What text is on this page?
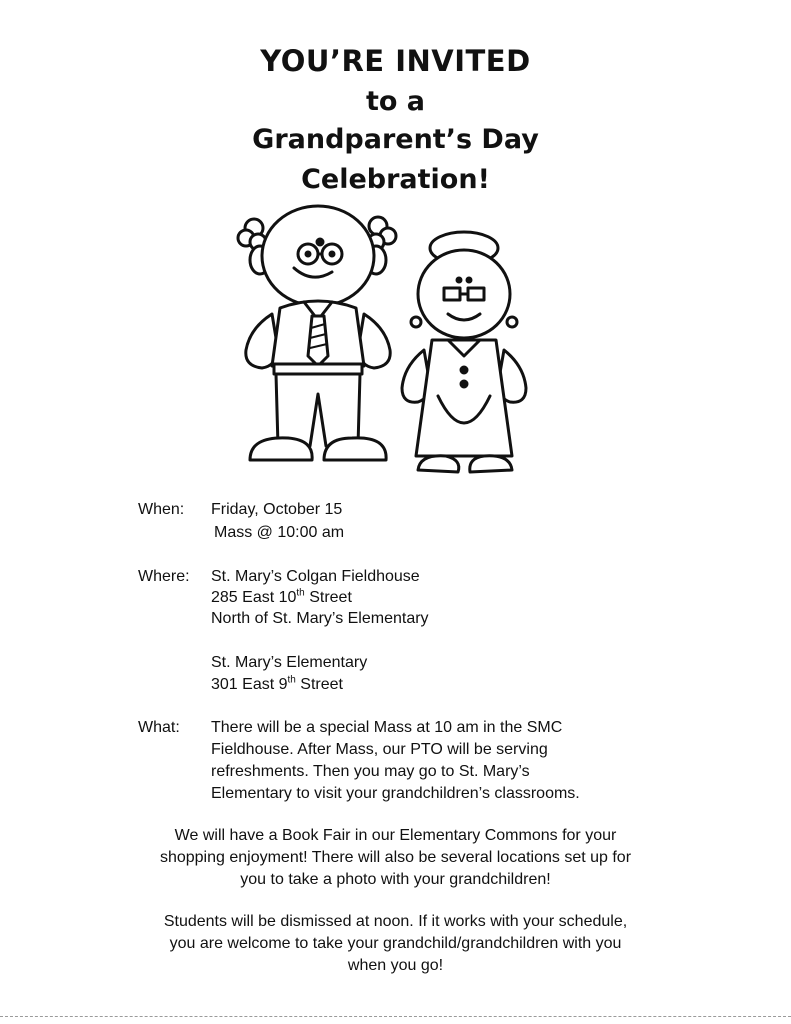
YOU’RE INVITED
to a
Grandparent’s Day
Celebration!
When: Friday, October 15
Mass @ 10:00 am
Where: St. Mary’s Colgan Fieldhouse
285 East 10th Street
North of St. Mary’s Elementary
St. Mary’s Elementary
301 East 9th Street
What: There will be a special Mass at 10 am in the SMC
Fieldhouse. After Mass, our PTO will be serving
refreshments. Then you may go to St. Mary’s
Elementary to visit your grandchildren’s classrooms.
We will have a Book Fair in our Elementary Commons for your
shopping enjoyment! There will also be several locations set up for
you to take a photo with your grandchildren!
Students will be dismissed at noon. If it works with your schedule,
you are welcome to take your grandchild/grandchildren with you
when you go!
